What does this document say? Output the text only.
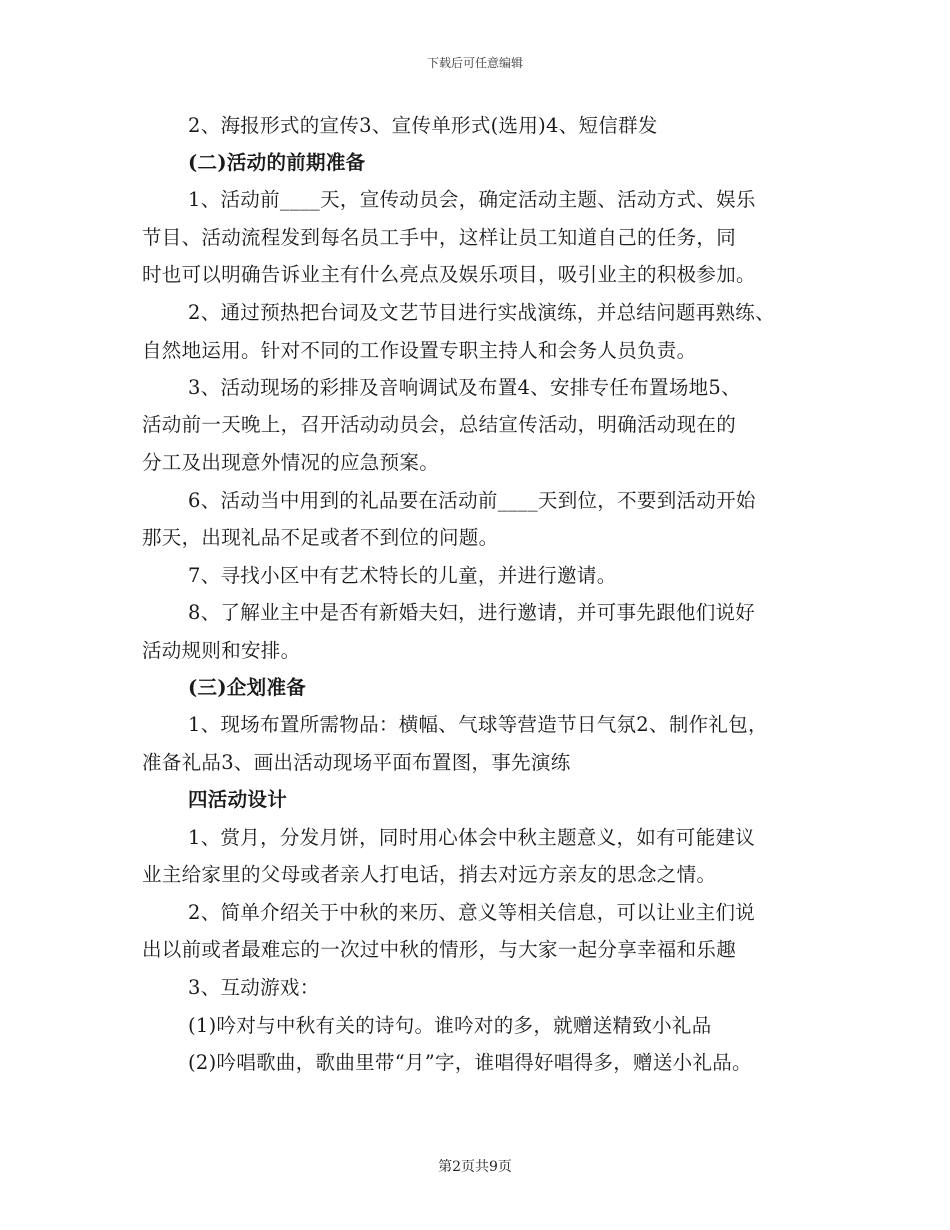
下载后可任意编辑
2、海报形式的宣传3、宣传单形式(选用)4、短信群发
(二)活动的前期准备
1、活动前____天，宣传动员会，确定活动主题、活动方式、娱乐
节目、活动流程发到每名员工手中，这样让员工知道自己的任务，同
时也可以明确告诉业主有什么亮点及娱乐项目，吸引业主的积极参加。
2、通过预热把台词及文艺节目进行实战演练，并总结问题再熟练、
自然地运用。针对不同的工作设置专职主持人和会务人员负责。
3、活动现场的彩排及音响调试及布置4、安排专任布置场地5、
活动前一天晚上，召开活动动员会，总结宣传活动，明确活动现在的
分工及出现意外情况的应急预案。
6、活动当中用到的礼品要在活动前____天到位，不要到活动开始
那天，出现礼品不足或者不到位的问题。
7、寻找小区中有艺术特长的儿童，并进行邀请。
8、了解业主中是否有新婚夫妇，进行邀请，并可事先跟他们说好
活动规则和安排。
(三)企划准备
1、现场布置所需物品：横幅、气球等营造节日气氛2、制作礼包，
准备礼品3、画出活动现场平面布置图，事先演练
四活动设计
1、赏月，分发月饼，同时用心体会中秋主题意义，如有可能建议
业主给家里的父母或者亲人打电话，捎去对远方亲友的思念之情。
2、简单介绍关于中秋的来历、意义等相关信息，可以让业主们说
出以前或者最难忘的一次过中秋的情形，与大家一起分享幸福和乐趣
3、互动游戏：
(1)吟对与中秋有关的诗句。谁吟对的多，就赠送精致小礼品
(2)吟唱歌曲，歌曲里带“月”字，谁唱得好唱得多，赠送小礼品。
第2页共9页
